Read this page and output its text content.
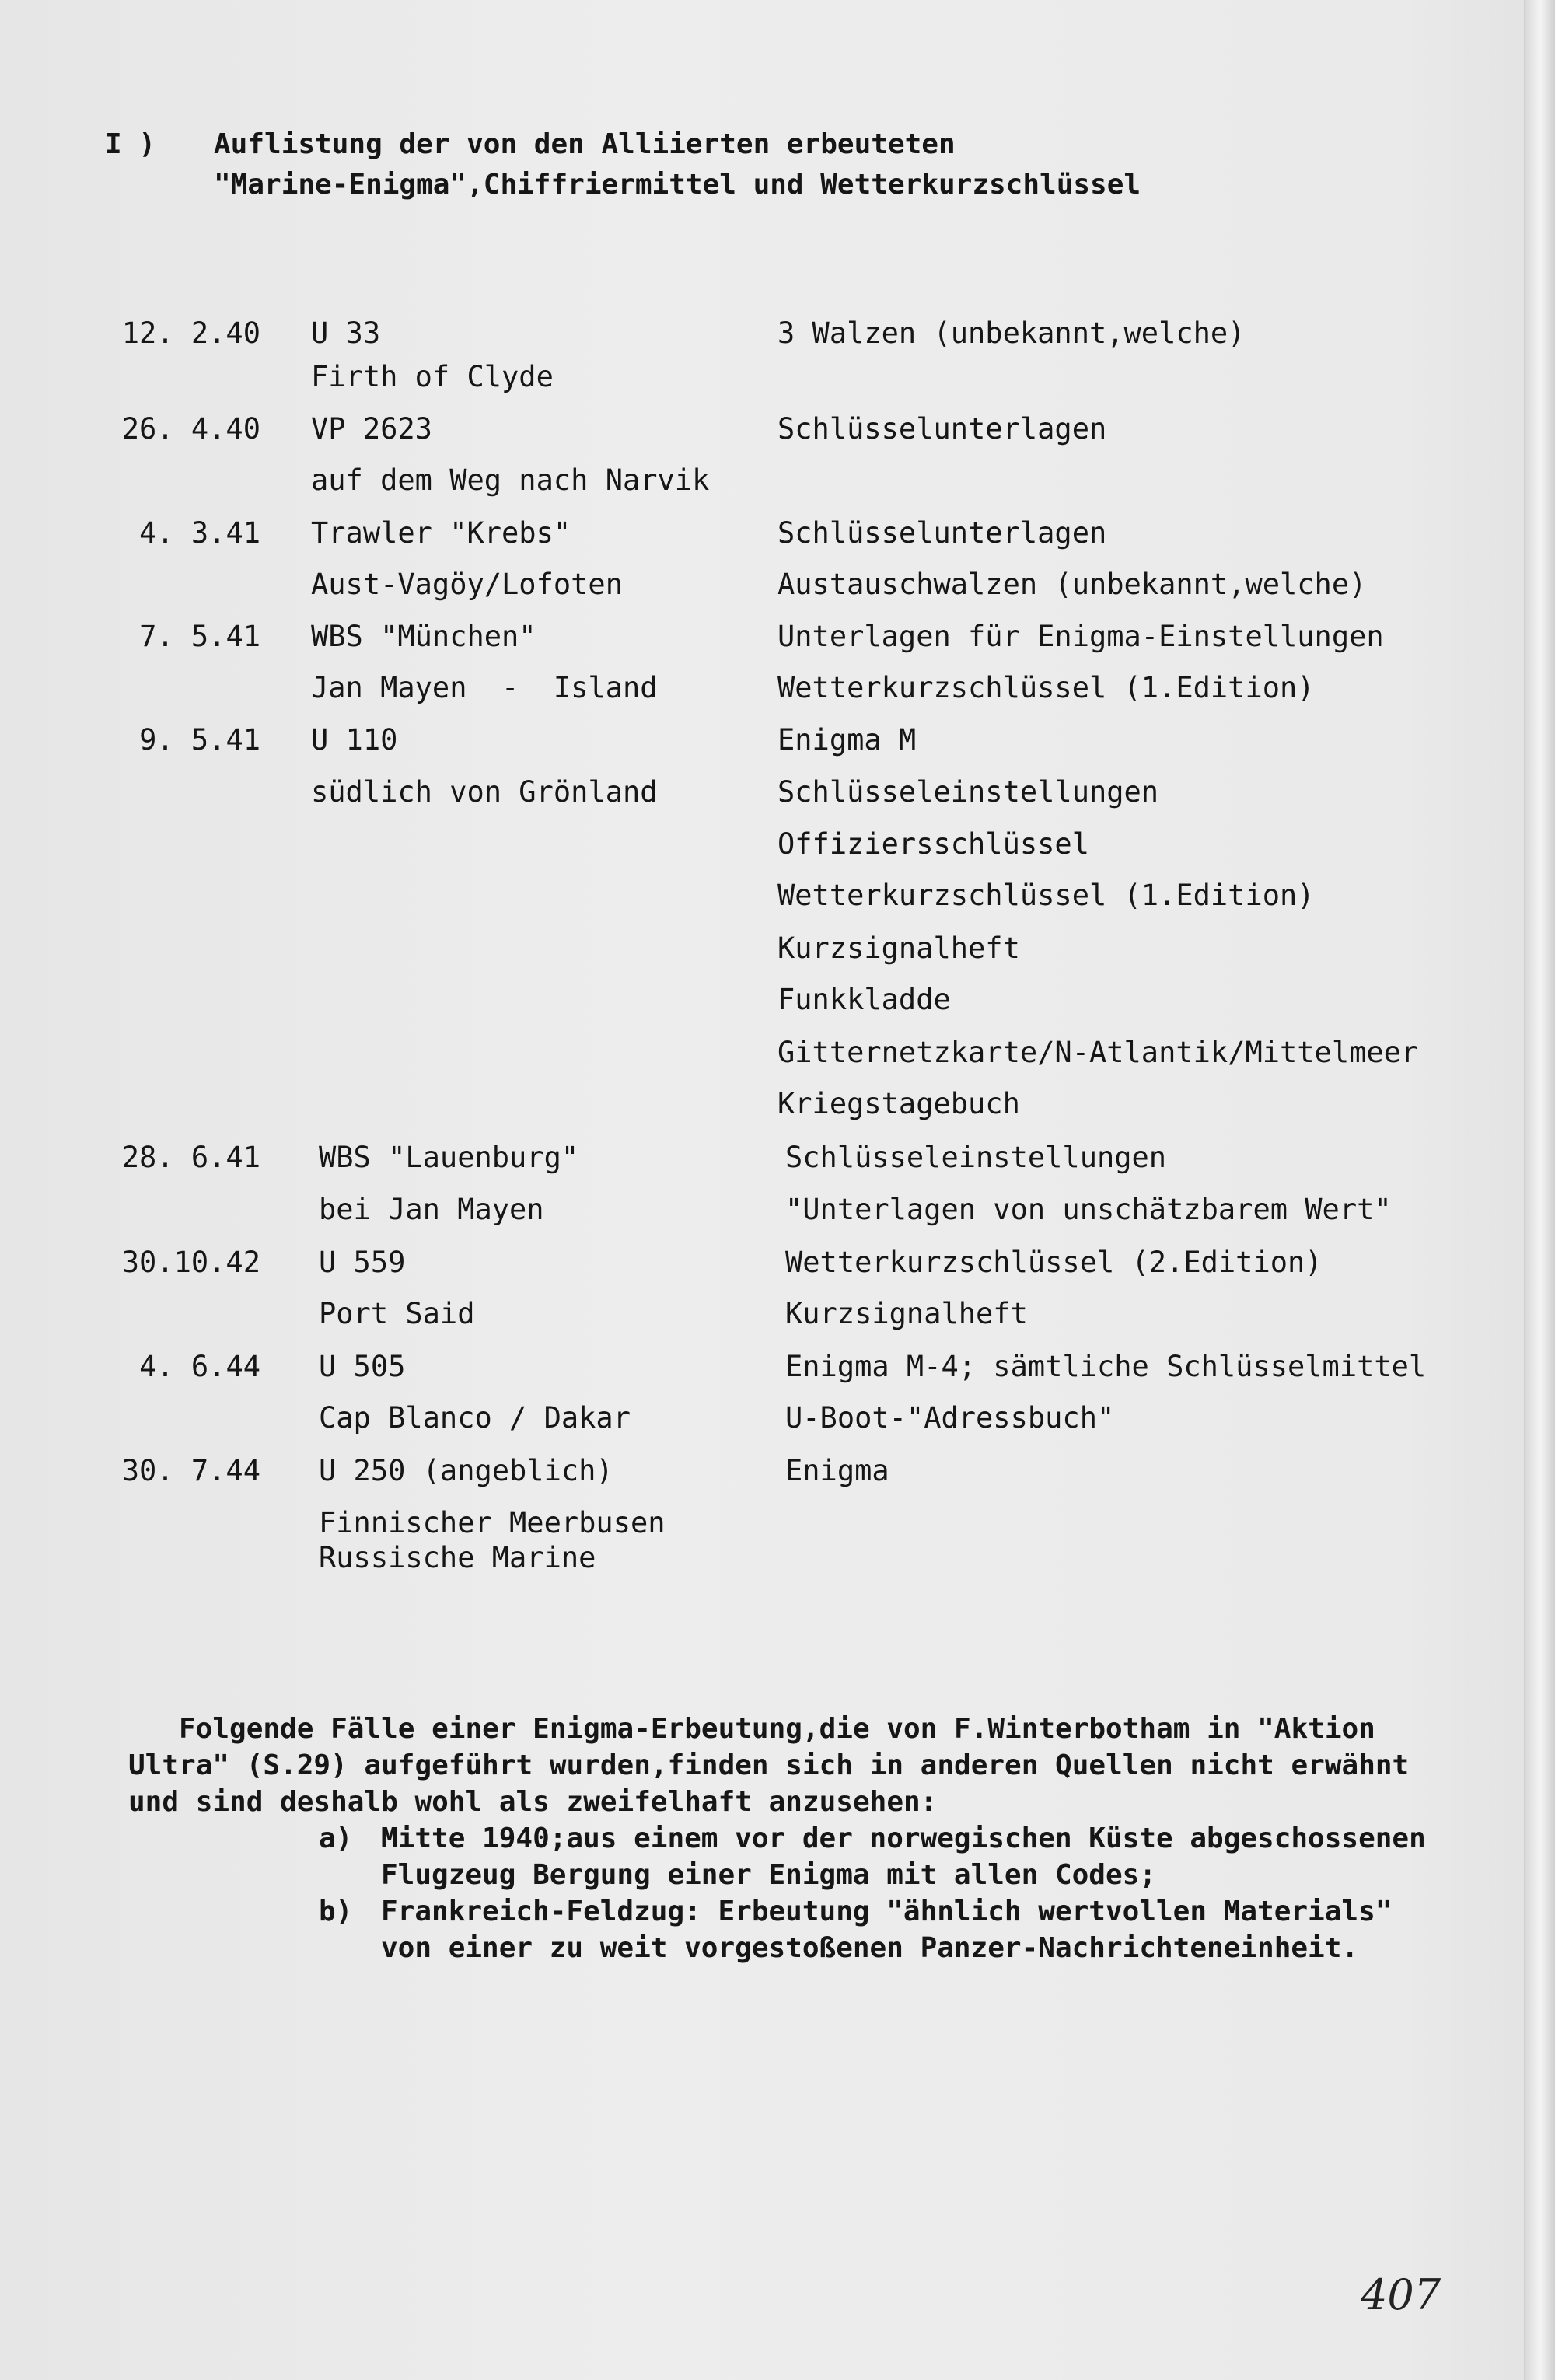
I ) Auflistung der von den Alliierten erbeuteten
"Marine-Enigma",Chiffriermittel und Wetterkurzschlüssel
12. 2.40 U 33	3 Walzen (unbekannt,welche)
Firth of Clyde
26. 4.40 VP 2623	Schlüsselunterlagen
auf dem Weg nach Narvik
4. 3.41 Trawler "Krebs"	Schlüsselunterlagen
Aust-Vagöy/Lofoten	Austauschwalzen (unbekannt,welche)
7. 5.41 WBS "München"	Unterlagen für Enigma-Einstellungen
Jan Mayen  -  Island	Wetterkurzschlüssel (1.Edition)
9. 5.41 U 110	Enigma M
südlich von Grönland	Schlüsseleinstellungen
Offiziersschlüssel
Wetterkurzschlüssel (1.Edition)
Kurzsignalheft
Funkkladde
Gitternetzkarte/N-Atlantik/Mittelmeer
Kriegstagebuch
28. 6.41 WBS "Lauenburg"	Schlüsseleinstellungen
bei Jan Mayen	"Unterlagen von unschätzbarem Wert"
30.10.42 U 559	Wetterkurzschlüssel (2.Edition)
Port Said	Kurzsignalheft
4. 6.44 U 505	Enigma M-4; sämtliche Schlüsselmittel
Cap Blanco / Dakar	U-Boot-"Adressbuch"
30. 7.44 U 250 (angeblich)	Enigma
Finnischer Meerbusen
Russische Marine
Folgende Fälle einer Enigma-Erbeutung,die von F.Winterbotham in "Aktion
Ultra" (S.29) aufgeführt wurden,finden sich in anderen Quellen nicht erwähnt
und sind deshalb wohl als zweifelhaft anzusehen:
a)	Mitte 1940;aus einem vor der norwegischen Küste abgeschossenen
Flugzeug Bergung einer Enigma mit allen Codes;
b)	Frankreich-Feldzug: Erbeutung "ähnlich wertvollen Materials"
von einer zu weit vorgestoßenen Panzer-Nachrichteneinheit.
407
